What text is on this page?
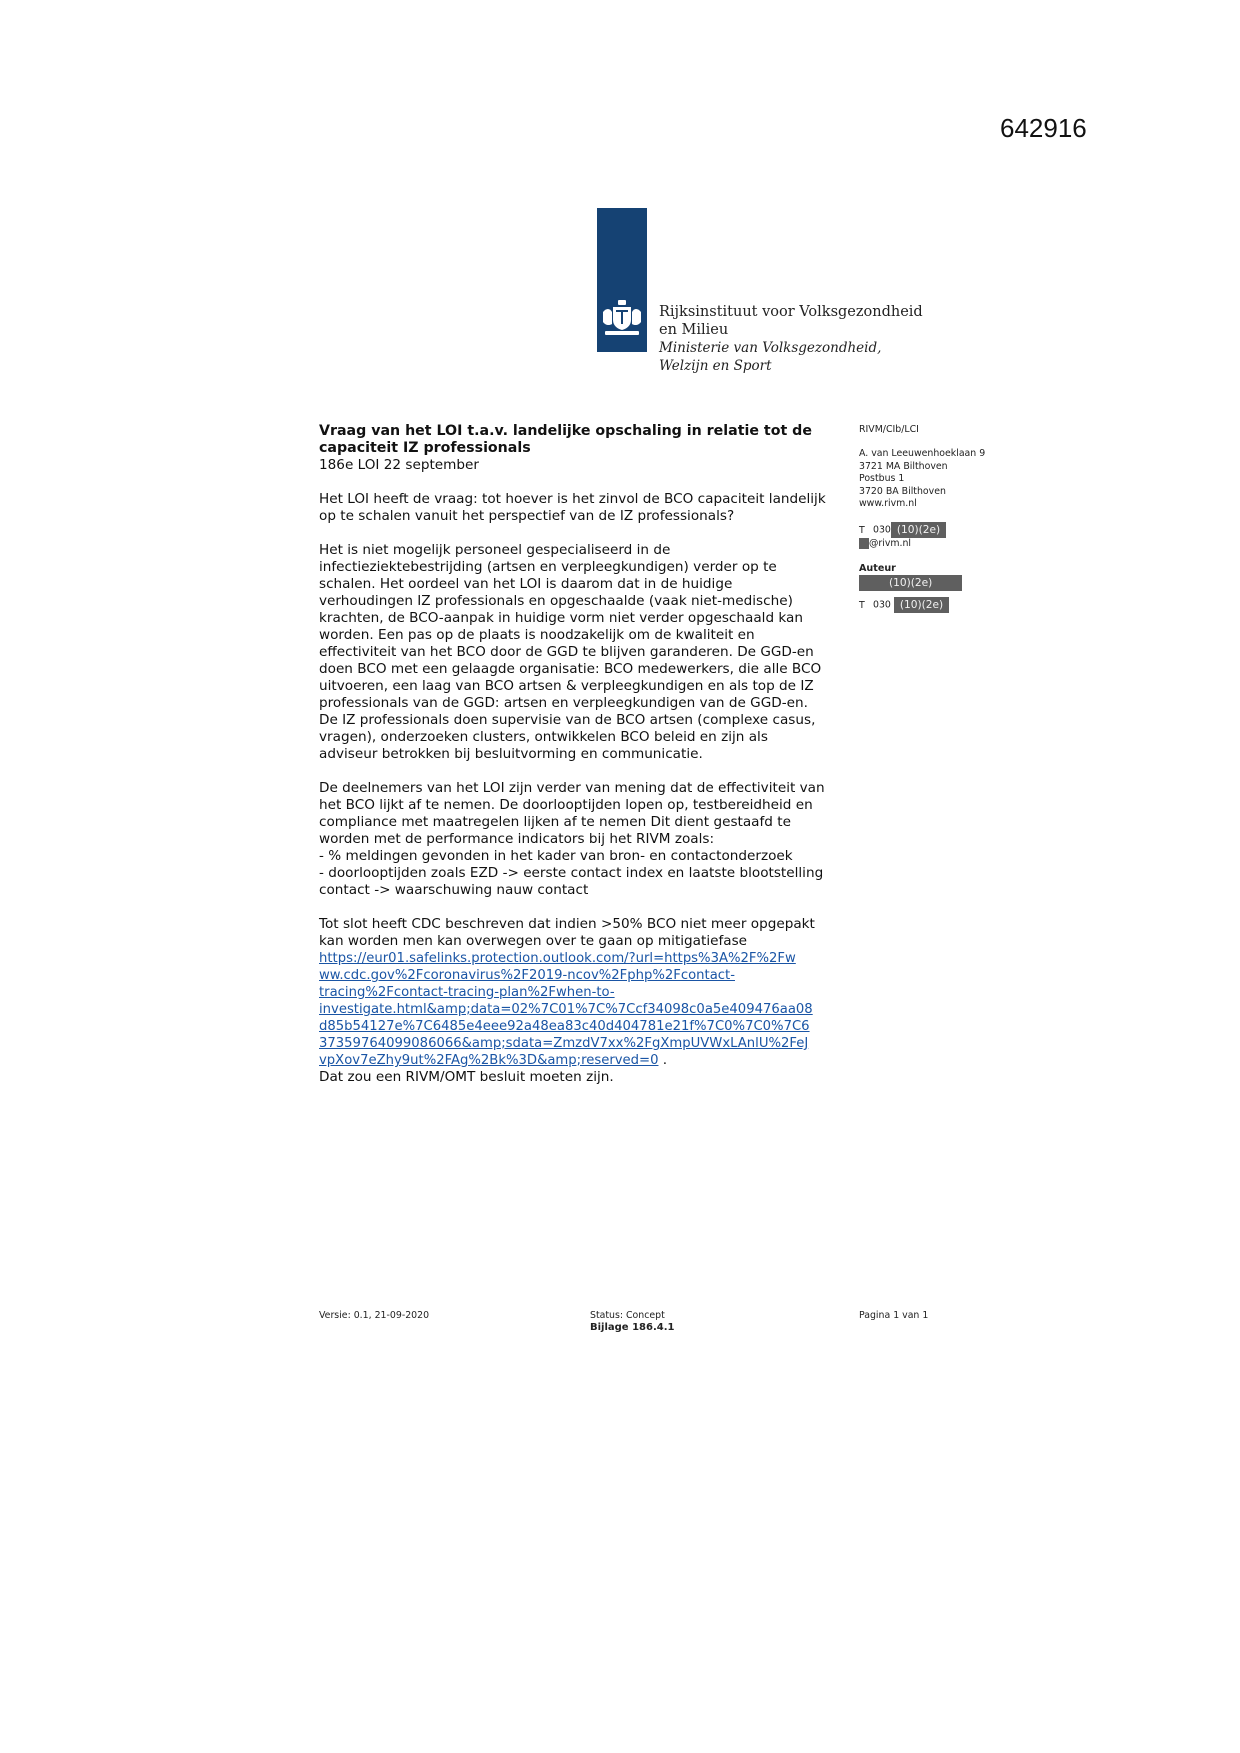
642916
Rijksinstituut voor Volksgezondheid
en Milieu
Ministerie van Volksgezondheid,
Welzijn en Sport
Vraag van het LOI t.a.v. landelijke opschaling in relatie tot de
capaciteit IZ professionals
186e LOI 22 september
Het LOI heeft de vraag: tot hoever is het zinvol de BCO capaciteit landelijk
op te schalen vanuit het perspectief van de IZ professionals?
Het is niet mogelijk personeel gespecialiseerd in de
infectieziektebestrijding (artsen en verpleegkundigen) verder op te
schalen. Het oordeel van het LOI is daarom dat in de huidige
verhoudingen IZ professionals en opgeschaalde (vaak niet-medische)
krachten, de BCO-aanpak in huidige vorm niet verder opgeschaald kan
worden. Een pas op de plaats is noodzakelijk om de kwaliteit en
effectiviteit van het BCO door de GGD te blijven garanderen. De GGD-en
doen BCO met een gelaagde organisatie: BCO medewerkers, die alle BCO
uitvoeren, een laag van BCO artsen & verpleegkundigen en als top de IZ
professionals van de GGD: artsen en verpleegkundigen van de GGD-en.
De IZ professionals doen supervisie van de BCO artsen (complexe casus,
vragen), onderzoeken clusters, ontwikkelen BCO beleid en zijn als
adviseur betrokken bij besluitvorming en communicatie.
De deelnemers van het LOI zijn verder van mening dat de effectiviteit van
het BCO lijkt af te nemen. De doorlooptijden lopen op, testbereidheid en
compliance met maatregelen lijken af te nemen Dit dient gestaafd te
worden met de performance indicators bij het RIVM zoals:
- % meldingen gevonden in het kader van bron- en contactonderzoek
- doorlooptijden zoals EZD -> eerste contact index en laatste blootstelling
contact -> waarschuwing nauw contact
Tot slot heeft CDC beschreven dat indien >50% BCO niet meer opgepakt
kan worden men kan overwegen over te gaan op mitigatiefase
https://eur01.safelinks.protection.outlook.com/?url=https%3A%2F%2Fw
ww.cdc.gov%2Fcoronavirus%2F2019-ncov%2Fphp%2Fcontact-
tracing%2Fcontact-tracing-plan%2Fwhen-to-
investigate.html&amp;data=02%7C01%7C%7Ccf34098c0a5e409476aa08
d85b54127e%7C6485e4eee92a48ea83c40d404781e21f%7C0%7C0%7C6
37359764099086066&amp;sdata=ZmzdV7xx%2FgXmpUVWxLAnlU%2FeJ
vpXov7eZhy9ut%2FAg%2Bk%3D&amp;reserved=0 .
Dat zou een RIVM/OMT besluit moeten zijn.
RIVM/CIb/LCI
A. van Leeuwenhoeklaan 9
3721 MA Bilthoven
Postbus 1
3720 BA Bilthoven
www.rivm.nl
T 030 (10)(2e)
@rivm.nl
Auteur
(10)(2e)
T 030 (10)(2e)
Versie: 0.1, 21-09-2020	Status: Concept
Bijlage 186.4.1
Pagina 1 van 1
